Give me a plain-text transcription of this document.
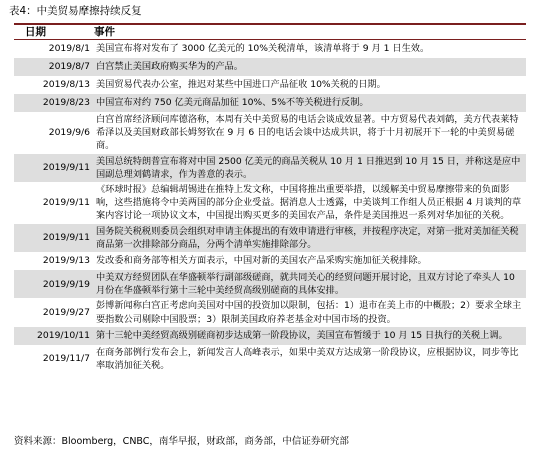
表4：中美贸易摩擦持续反复
日期	事件
2019/8/1 美国宣布将对发布了 3000 亿美元的 10%关税清单，该清单将于 9 月 1 日生效。
2019/8/7 白宫禁止美国政府购买华为的产品。
2019/8/13 美国贸易代表办公室，推迟对某些中国进口产品征收 10%关税的日期。
2019/8/23 中国宣布对约 750 亿美元商品加征 10%、5%不等关税进行反制。
2019/9/6
白宫首席经济顾问库德洛称，本周有关中美贸易的电话会谈成效显著。中方贸易代表刘鹤，美方代表莱特希泽以及美国财政部长姆努钦在 9 月 6 日的电话会谈中达成共识，将于十月初展开下一轮的中美贸易磋商。
2019/9/11
美国总统特朗普宣布将对中国 2500 亿美元的商品关税从 10 月 1 日推迟到 10 月 15 日，并称这是应中国副总理刘鹤请求，作为善意的表示。
2019/9/11
《环球时报》总编辑胡锡进在推特上发文称，中国将推出重要举措，以缓解美中贸易摩擦带来的负面影响，这些措施将令中美两国的部分企业受益。据消息人士透露，中美谈判工作组人员正根据 4 月谈判的草案内容讨论一项协议文本，中国提出购买更多的美国农产品，条件是美国推迟一系列对华加征的关税。
2019/9/11
国务院关税税则委员会组织对申请主体提出的有效申请进行审核，并按程序决定，对第一批对美加征关税商品第一次排除部分商品，分两个清单实施排除部分。
2019/9/13 发改委和商务部等相关方面表示，中国对新的美国农产品采购实施加征关税排除。
2019/9/19
中美双方经贸团队在华盛顿举行副部级磋商，就共同关心的经贸问题开展讨论，且双方讨论了牵头人 10 月份在华盛顿举行第十三轮中美经贸高级别磋商的具体安排。
2019/9/27
彭博新闻称白宫正考虑向美国对中国的投资加以限制，包括：1）退市在美上市的中概股；2）要求全球主要指数公司剔除中国股票；3）限制美国政府养老基金对中国市场的投资。
2019/10/11 第十三轮中美经贸高级别磋商初步达成第一阶段协议，美国宣布暂缓于 10 月 15 日执行的关税上调。
2019/11/7
在商务部例行发布会上，新闻发言人高峰表示，如果中美双方达成第一阶段协议，应根据协议，同步等比率取消加征关税。
资料来源：Bloomberg，CNBC，南华早报，财政部，商务部，中信证券研究部
